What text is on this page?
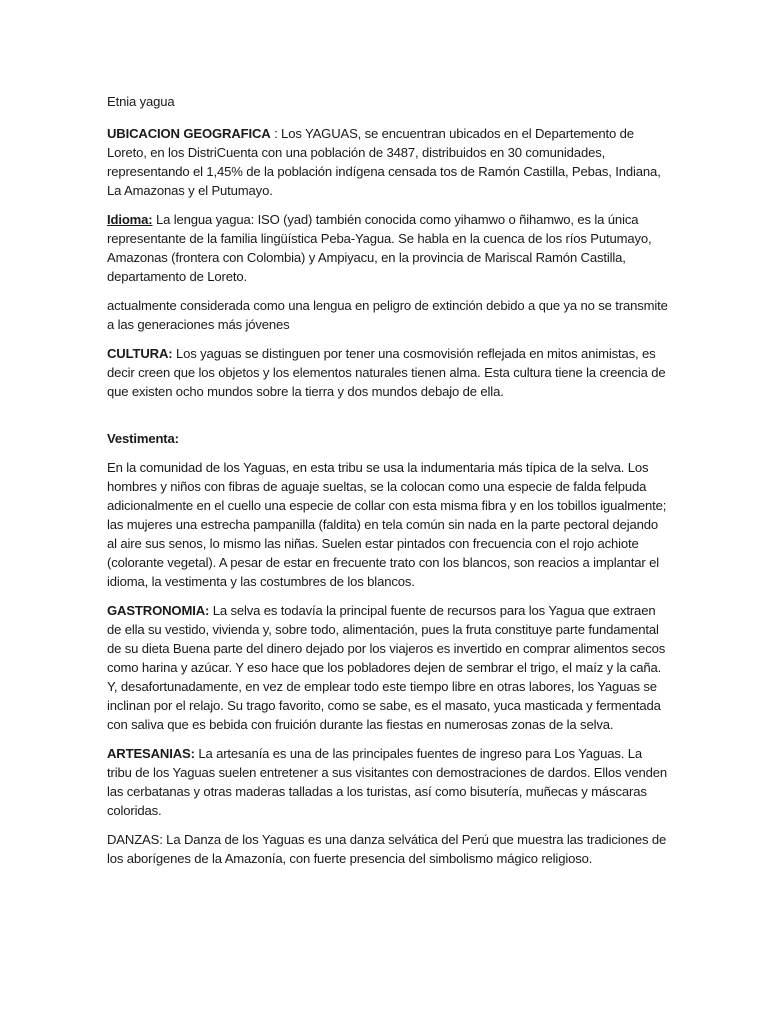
Etnia yagua

UBICACION GEOGRAFICA : Los YAGUAS, se encuentran ubicados en el Departemento de Loreto, en los DistriCuenta con una población de 3487, distribuidos en 30 comunidades, representando el 1,45% de la población indígena censada tos de Ramón Castilla, Pebas, Indiana, La Amazonas y el Putumayo.

Idioma: La lengua yagua: ISO (yad) también conocida como yihamwo o ñihamwo, es la única representante de la familia lingüística Peba-Yagua. Se habla en la cuenca de los ríos Putumayo, Amazonas (frontera con Colombia) y Ampiyacu, en la provincia de Mariscal Ramón Castilla, departamento de Loreto.

actualmente considerada como una lengua en peligro de extinción debido a que ya no se transmite a las generaciones más jóvenes

CULTURA: Los yaguas se distinguen por tener una cosmovisión reflejada en mitos animistas, es decir creen que los objetos y los elementos naturales tienen alma. Esta cultura tiene la creencia de que existen ocho mundos sobre la tierra y dos mundos debajo de ella.

Vestimenta:

En la comunidad de los Yaguas, en esta tribu se usa la indumentaria más típica de la selva. Los hombres y niños con fibras de aguaje sueltas, se la colocan como una especie de falda felpuda adicionalmente en el cuello una especie de collar con esta misma fibra y en los tobillos igualmente; las mujeres una estrecha pampanilla (faldita) en tela común sin nada en la parte pectoral dejando al aire sus senos, lo mismo las niñas. Suelen estar pintados con frecuencia con el rojo achiote (colorante vegetal). A pesar de estar en frecuente trato con los blancos, son reacios a implantar el idioma, la vestimenta y las costumbres de los blancos.

GASTRONOMIA: La selva es todavía la principal fuente de recursos para los Yagua que extraen de ella su vestido, vivienda y, sobre todo, alimentación, pues la fruta constituye parte fundamental de su dieta Buena parte del dinero dejado por los viajeros es invertido en comprar alimentos secos como harina y azúcar. Y eso hace que los pobladores dejen de sembrar el trigo, el maíz y la caña. Y, desafortunadamente, en vez de emplear todo este tiempo libre en otras labores, los Yaguas se inclinan por el relajo. Su trago favorito, como se sabe, es el masato, yuca masticada y fermentada con saliva que es bebida con fruición durante las fiestas en numerosas zonas de la selva.

ARTESANIAS: La artesanía es una de las principales fuentes de ingreso para Los Yaguas. La tribu de los Yaguas suelen entretener a sus visitantes con demostraciones de dardos. Ellos venden las cerbatanas y otras maderas talladas a los turistas, así como bisutería, muñecas y máscaras coloridas.

DANZAS: La Danza de los Yaguas es una danza selvática del Perú que muestra las tradiciones de los aborígenes de la Amazonía, con fuerte presencia del simbolismo mágico religioso.
